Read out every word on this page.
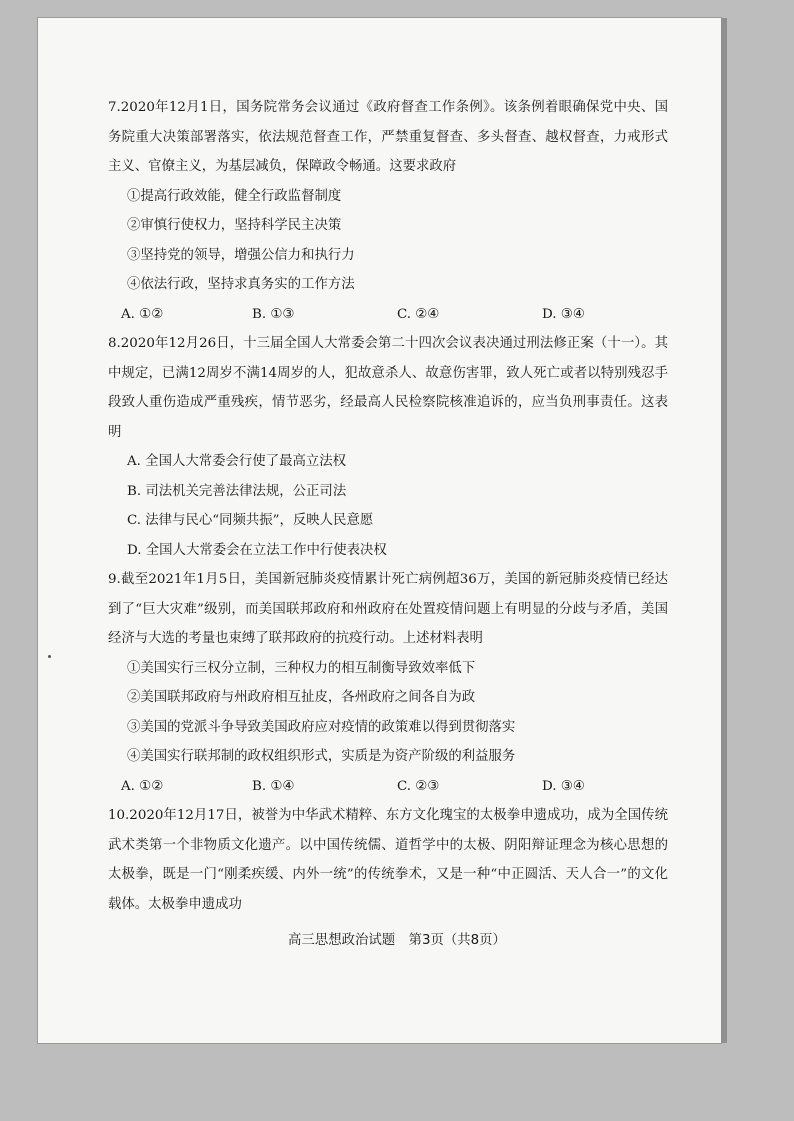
7.2020年12月1日，国务院常务会议通过《政府督查工作条例》。该条例着眼确保党中央、国务院重大决策部署落实，依法规范督查工作，严禁重复督查、多头督查、越权督查，力戒形式主义、官僚主义，为基层减负，保障政令畅通。这要求政府

①提高行政效能，健全行政监督制度

②审慎行使权力，坚持科学民主决策

③坚持党的领导，增强公信力和执行力

④依法行政，坚持求真务实的工作方法

A. ①②	B. ①③	C. ②④	D. ③④

8.2020年12月26日，十三届全国人大常委会第二十四次会议表决通过刑法修正案（十一）。其中规定，已满12周岁不满14周岁的人，犯故意杀人、故意伤害罪，致人死亡或者以特别残忍手段致人重伤造成严重残疾，情节恶劣，经最高人民检察院核准追诉的，应当负刑事责任。这表明

A. 全国人大常委会行使了最高立法权

B. 司法机关完善法律法规，公正司法

C. 法律与民心“同频共振”，反映人民意愿

D. 全国人大常委会在立法工作中行使表决权

9.截至2021年1月5日，美国新冠肺炎疫情累计死亡病例超36万，美国的新冠肺炎疫情已经达到了“巨大灾难”级别，而美国联邦政府和州政府在处置疫情问题上有明显的分歧与矛盾，美国经济与大选的考量也束缚了联邦政府的抗疫行动。上述材料表明

①美国实行三权分立制，三种权力的相互制衡导致效率低下

②美国联邦政府与州政府相互扯皮，各州政府之间各自为政

③美国的党派斗争导致美国政府应对疫情的政策难以得到贯彻落实

④美国实行联邦制的政权组织形式，实质是为资产阶级的利益服务

A. ①②	B. ①④	C. ②③	D. ③④

10.2020年12月17日，被誉为中华武术精粹、东方文化瑰宝的太极拳申遗成功，成为全国传统武术类第一个非物质文化遗产。以中国传统儒、道哲学中的太极、阴阳辩证理念为核心思想的太极拳，既是一门“刚柔疾缓、内外一统”的传统拳术，又是一种“中正圆活、天人合一”的文化载体。太极拳申遗成功

高三思想政治试题　第3页（共8页）
